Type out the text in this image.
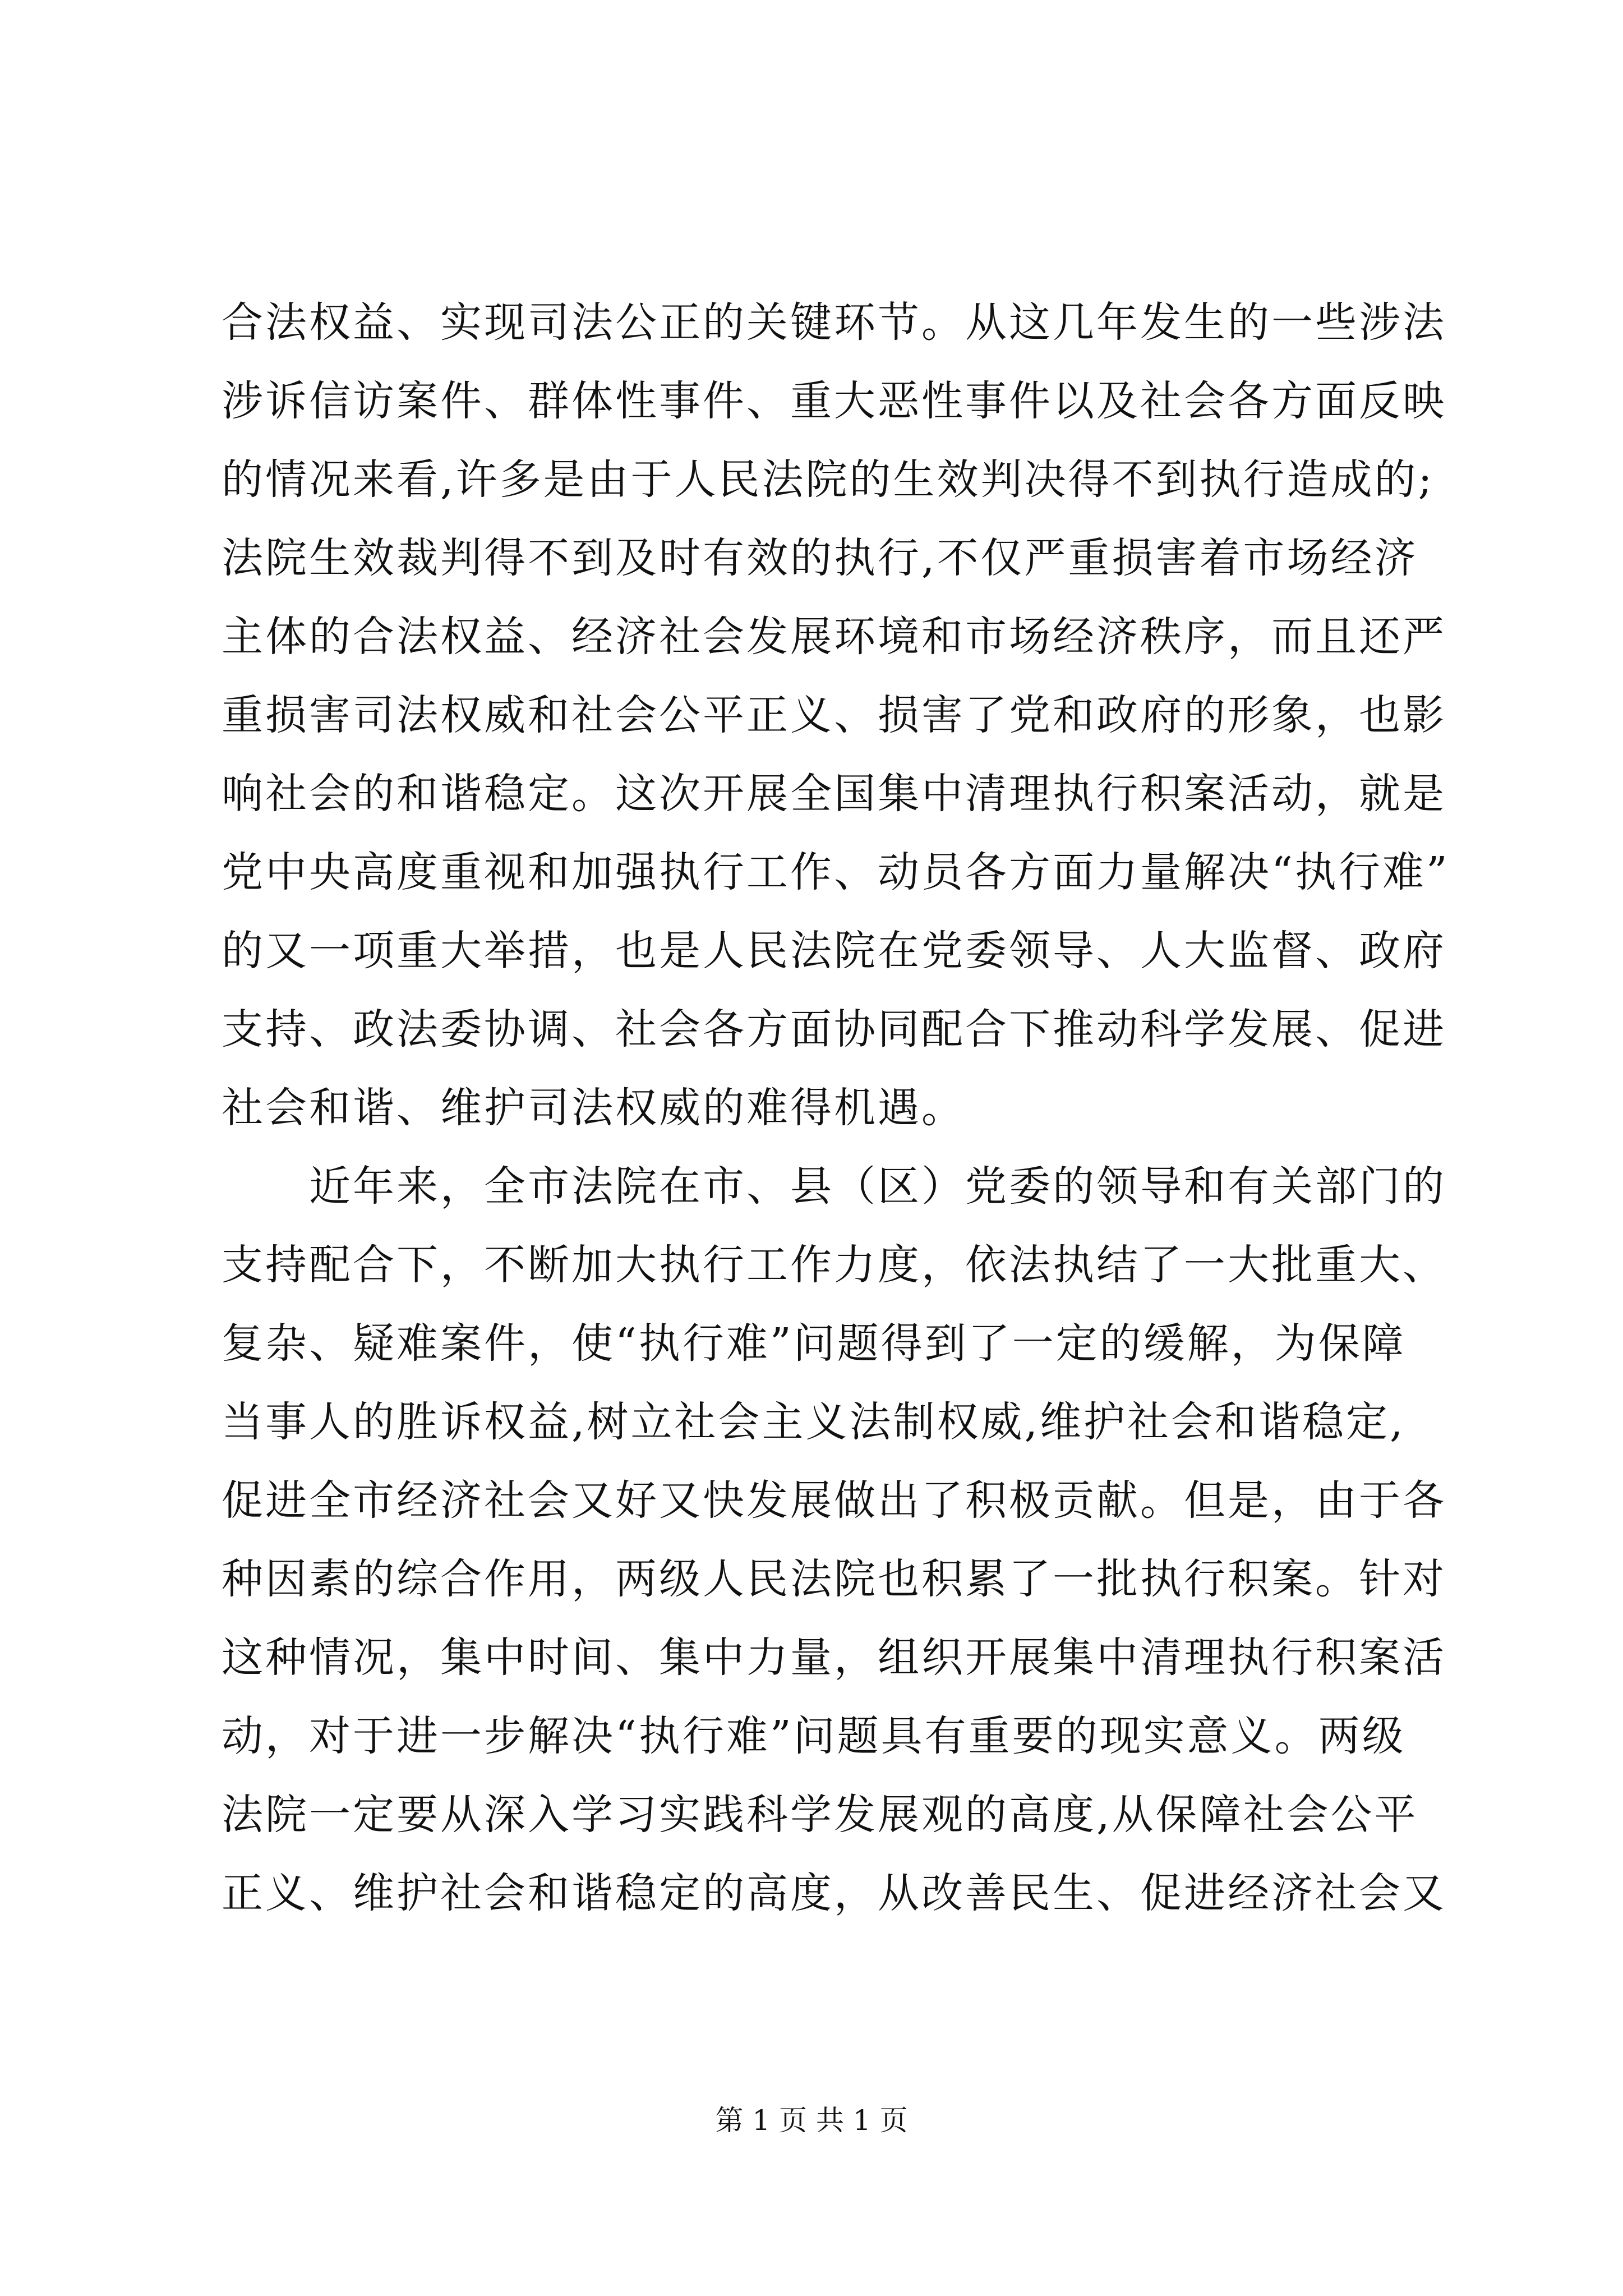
合法权益、实现司法公正的关键环节。从这几年发生的一些涉法
涉诉信访案件、群体性事件、重大恶性事件以及社会各方面反映
的情况来看,许多是由于人民法院的生效判决得不到执行造成的;
法院生效裁判得不到及时有效的执行,不仅严重损害着市场经济
主体的合法权益、经济社会发展环境和市场经济秩序，而且还严
重损害司法权威和社会公平正义、损害了党和政府的形象，也影
响社会的和谐稳定。这次开展全国集中清理执行积案活动，就是
党中央高度重视和加强执行工作、动员各方面力量解决“执行难”
的又一项重大举措，也是人民法院在党委领导、人大监督、政府
支持、政法委协调、社会各方面协同配合下推动科学发展、促进
社会和谐、维护司法权威的难得机遇。
　　近年来，全市法院在市、县（区）党委的领导和有关部门的
支持配合下，不断加大执行工作力度，依法执结了一大批重大、
复杂、疑难案件，使“执行难”问题得到了一定的缓解，为保障
当事人的胜诉权益,树立社会主义法制权威,维护社会和谐稳定,
促进全市经济社会又好又快发展做出了积极贡献。但是，由于各
种因素的综合作用，两级人民法院也积累了一批执行积案。针对
这种情况，集中时间、集中力量，组织开展集中清理执行积案活
动，对于进一步解决“执行难”问题具有重要的现实意义。两级
法院一定要从深入学习实践科学发展观的高度,从保障社会公平
正义、维护社会和谐稳定的高度，从改善民生、促进经济社会又
第 1 页 共 1 页
